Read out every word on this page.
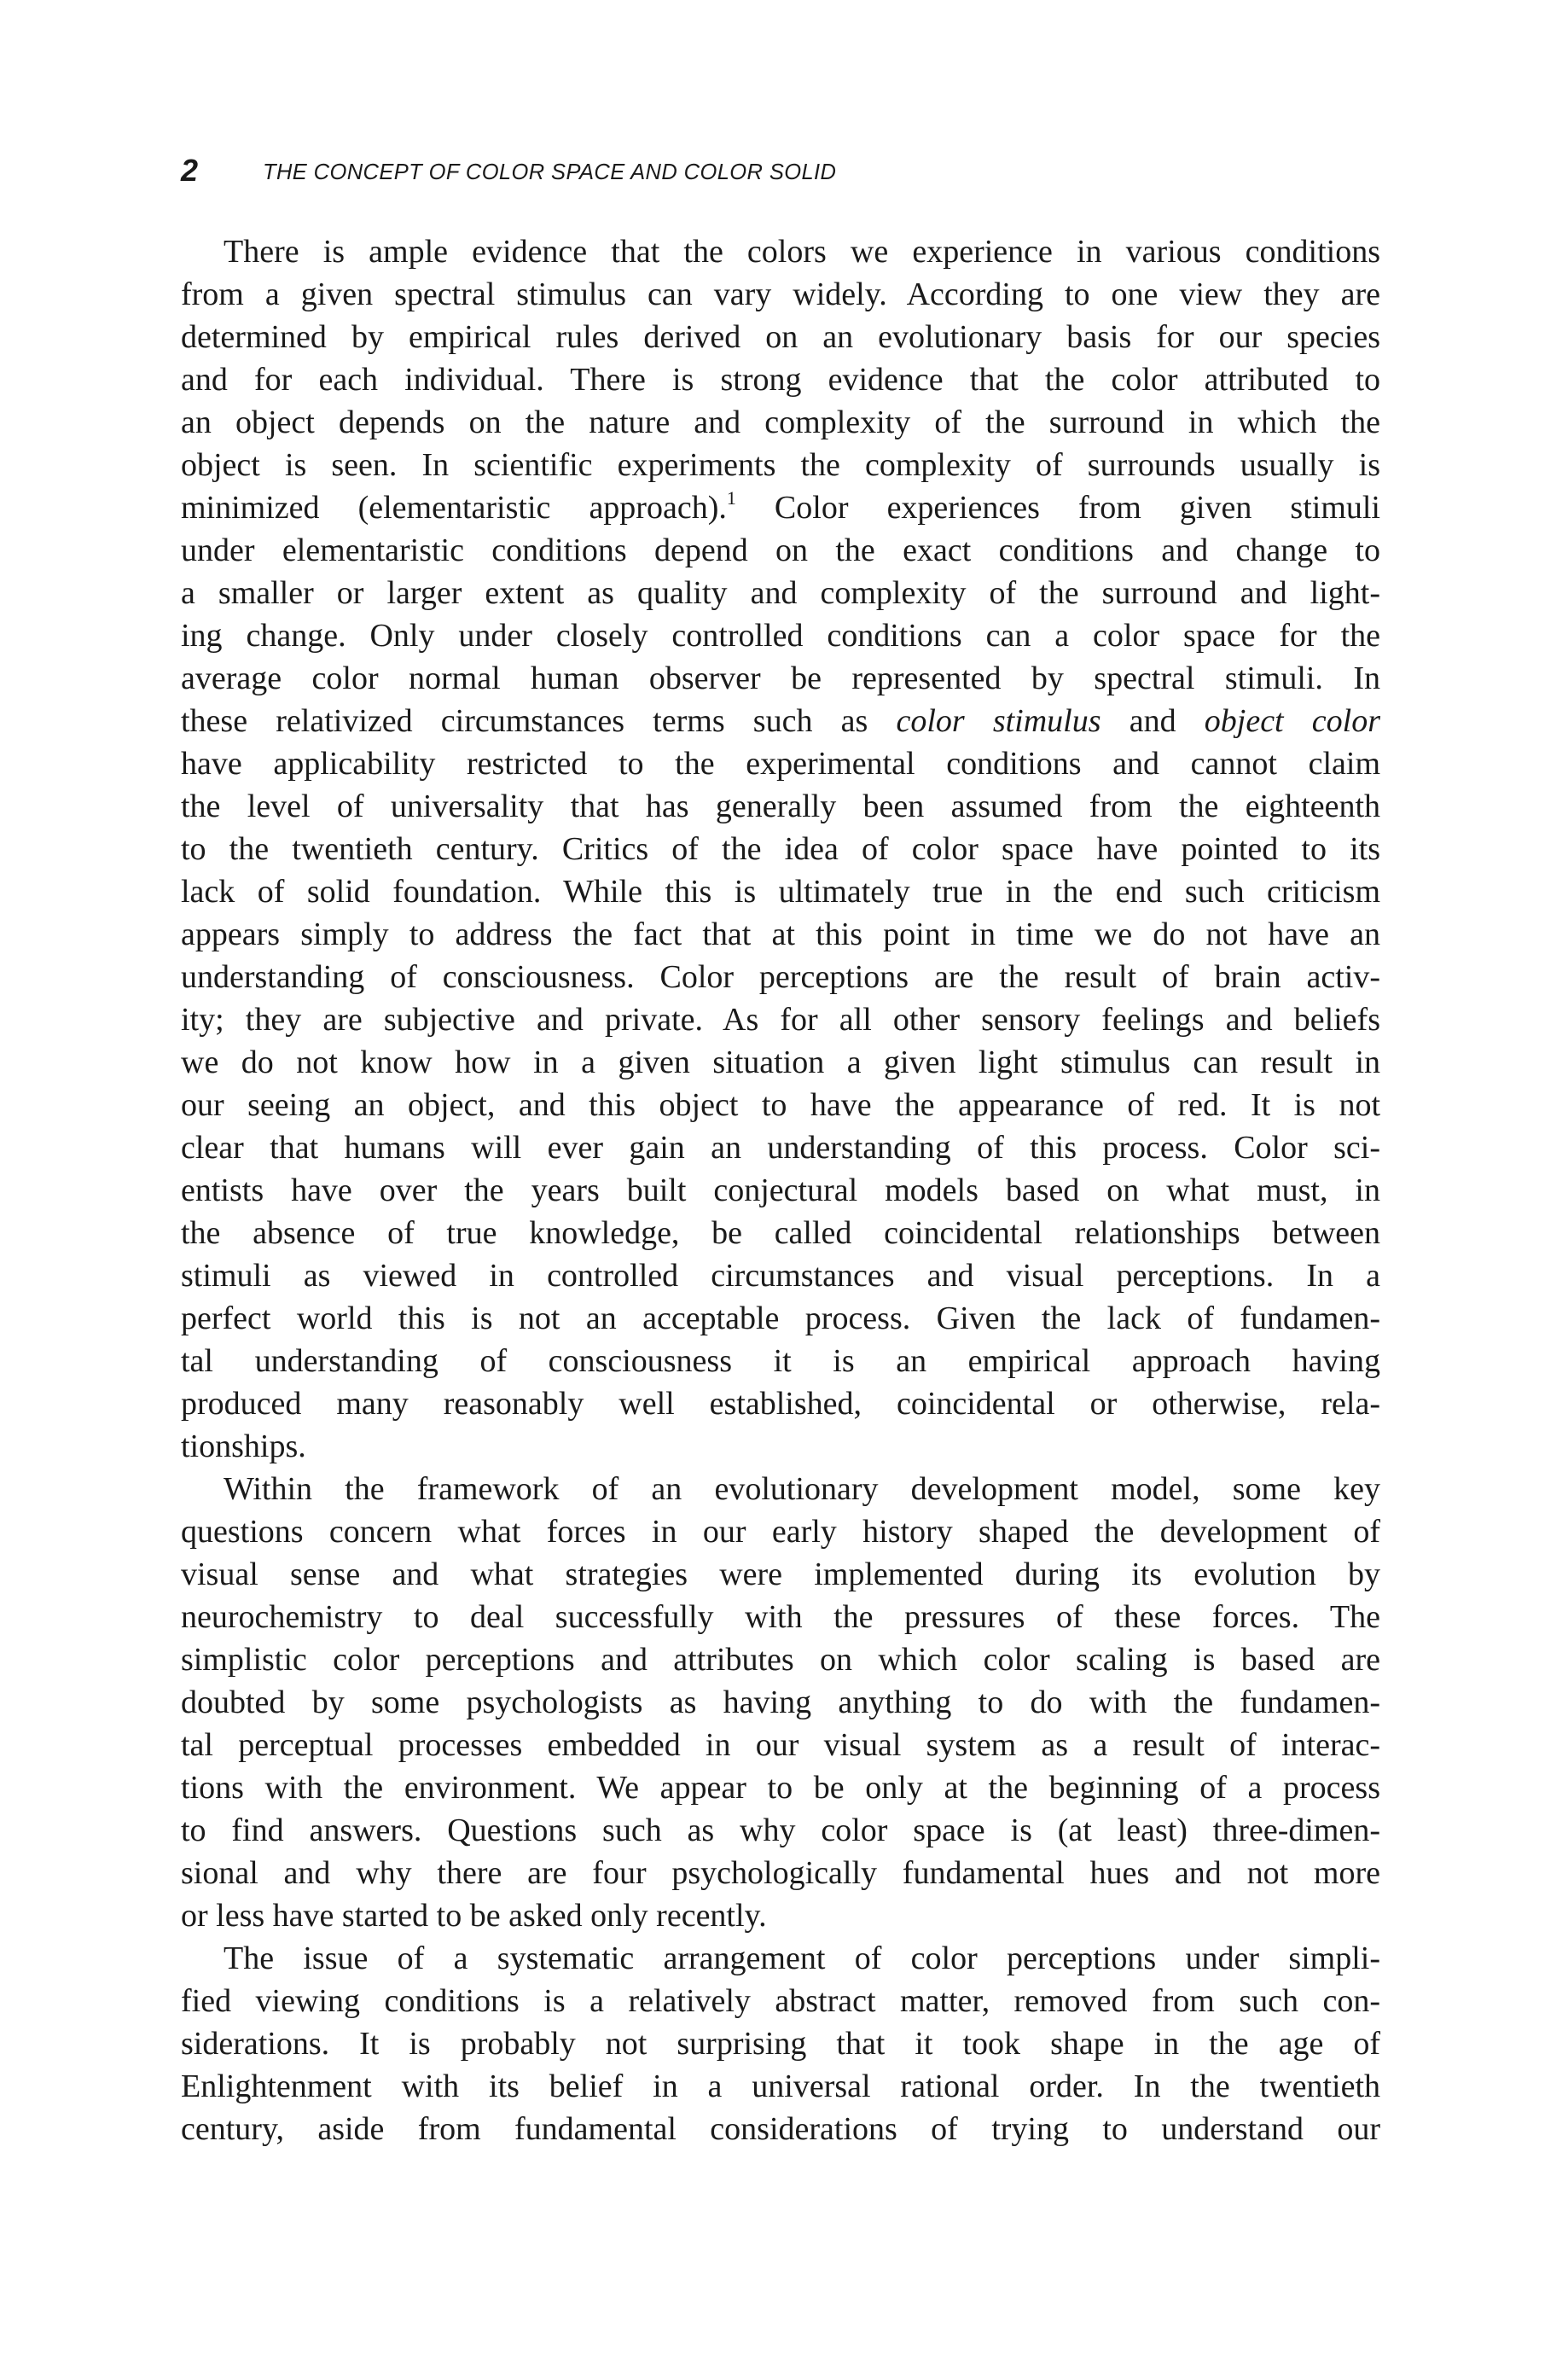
2	THE CONCEPT OF COLOR SPACE AND COLOR SOLID
There is ample evidence that the colors we experience in various conditions
from a given spectral stimulus can vary widely. According to one view they are
determined by empirical rules derived on an evolutionary basis for our species
and for each individual. There is strong evidence that the color attributed to
an object depends on the nature and complexity of the surround in which the
object is seen. In scientific experiments the complexity of surrounds usually is
minimized (elementaristic approach).$^1$ Color experiences from given stimuli
under elementaristic conditions depend on the exact conditions and change to
a smaller or larger extent as quality and complexity of the surround and light-
ing change. Only under closely controlled conditions can a color space for the
average color normal human observer be represented by spectral stimuli. In
these relativized circumstances terms such as color stimulus and object color
have applicability restricted to the experimental conditions and cannot claim
the level of universality that has generally been assumed from the eighteenth
to the twentieth century. Critics of the idea of color space have pointed to its
lack of solid foundation. While this is ultimately true in the end such criticism
appears simply to address the fact that at this point in time we do not have an
understanding of consciousness. Color perceptions are the result of brain activ-
ity; they are subjective and private. As for all other sensory feelings and beliefs
we do not know how in a given situation a given light stimulus can result in
our seeing an object, and this object to have the appearance of red. It is not
clear that humans will ever gain an understanding of this process. Color sci-
entists have over the years built conjectural models based on what must, in
the absence of true knowledge, be called coincidental relationships between
stimuli as viewed in controlled circumstances and visual perceptions. In a
perfect world this is not an acceptable process. Given the lack of fundamen-
tal understanding of consciousness it is an empirical approach having
produced many reasonably well established, coincidental or otherwise, rela-
tionships.
Within the framework of an evolutionary development model, some key
questions concern what forces in our early history shaped the development of
visual sense and what strategies were implemented during its evolution by
neurochemistry to deal successfully with the pressures of these forces. The
simplistic color perceptions and attributes on which color scaling is based are
doubted by some psychologists as having anything to do with the fundamen-
tal perceptual processes embedded in our visual system as a result of interac-
tions with the environment. We appear to be only at the beginning of a process
to find answers. Questions such as why color space is (at least) three-dimen-
sional and why there are four psychologically fundamental hues and not more
or less have started to be asked only recently.
The issue of a systematic arrangement of color perceptions under simpli-
fied viewing conditions is a relatively abstract matter, removed from such con-
siderations. It is probably not surprising that it took shape in the age of
Enlightenment with its belief in a universal rational order. In the twentieth
century, aside from fundamental considerations of trying to understand our
